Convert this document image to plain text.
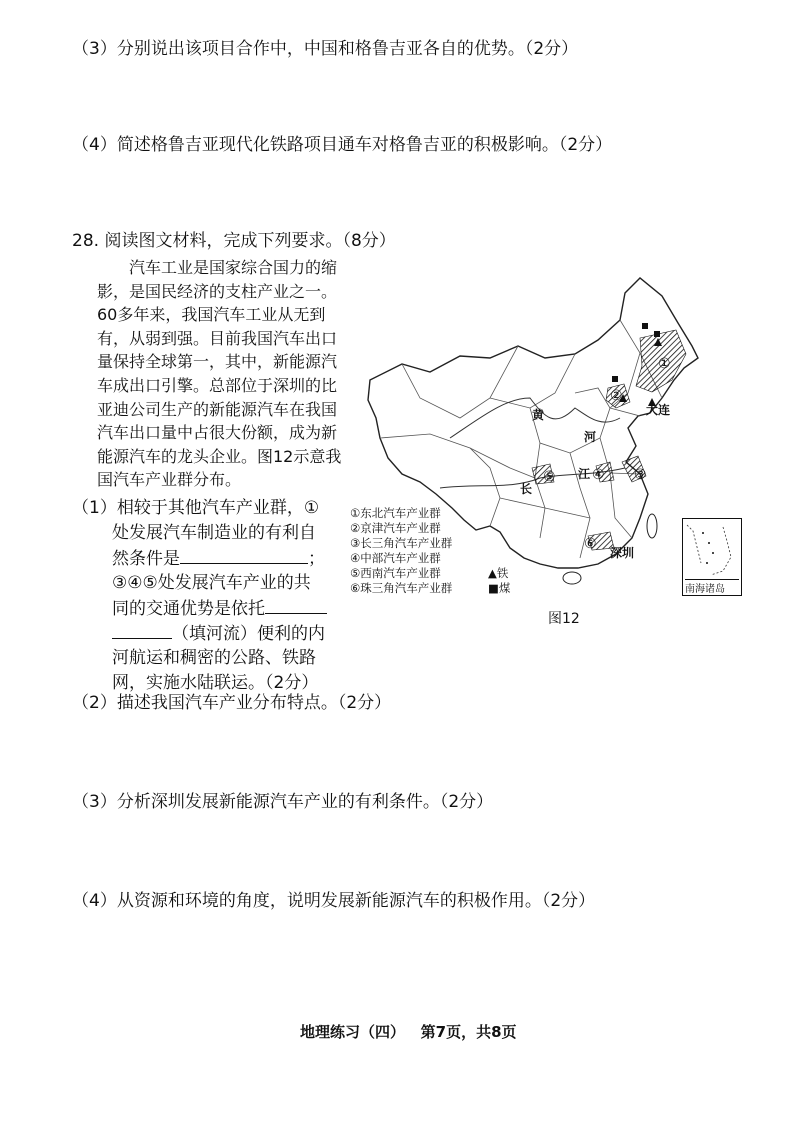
（3）分别说出该项目合作中，中国和格鲁吉亚各自的优势。（2分）
（4）简述格鲁吉亚现代化铁路项目通车对格鲁吉亚的积极影响。（2分）
28. 阅读图文材料，完成下列要求。（8分）
汽车工业是国家综合国力的缩
影，是国民经济的支柱产业之一。
60多年来，我国汽车工业从无到
有，从弱到强。目前我国汽车出口
量保持全球第一，其中，新能源汽
车成出口引擎。总部位于深圳的比
亚迪公司生产的新能源汽车在我国
汽车出口量中占很大份额，成为新
能源汽车的龙头企业。图12示意我
国汽车产业群分布。
（1）相较于其他汽车产业群，①
处发展汽车制造业的有利自
然条件是	；
③④⑤处发展汽车产业的共
同的交通优势是依托
（填河流）便利的内
河航运和稠密的公路、铁路
网，实施水陆联运。（2分）
（2）描述我国汽车产业分布特点。（2分）
（3）分析深圳发展新能源汽车产业的有利条件。（2分）
（4）从资源和环境的角度，说明发展新能源汽车的积极作用。（2分）
黄
河
长
江
大连
深圳
①
②
③
④
⑤
⑥
①东北汽车产业群
②京津汽车产业群
③长三角汽车产业群
④中部汽车产业群
⑤西南汽车产业群
⑥珠三角汽车产业群
▲铁
■煤	南海诸岛
图12
地理练习（四）   第7页，共8页
